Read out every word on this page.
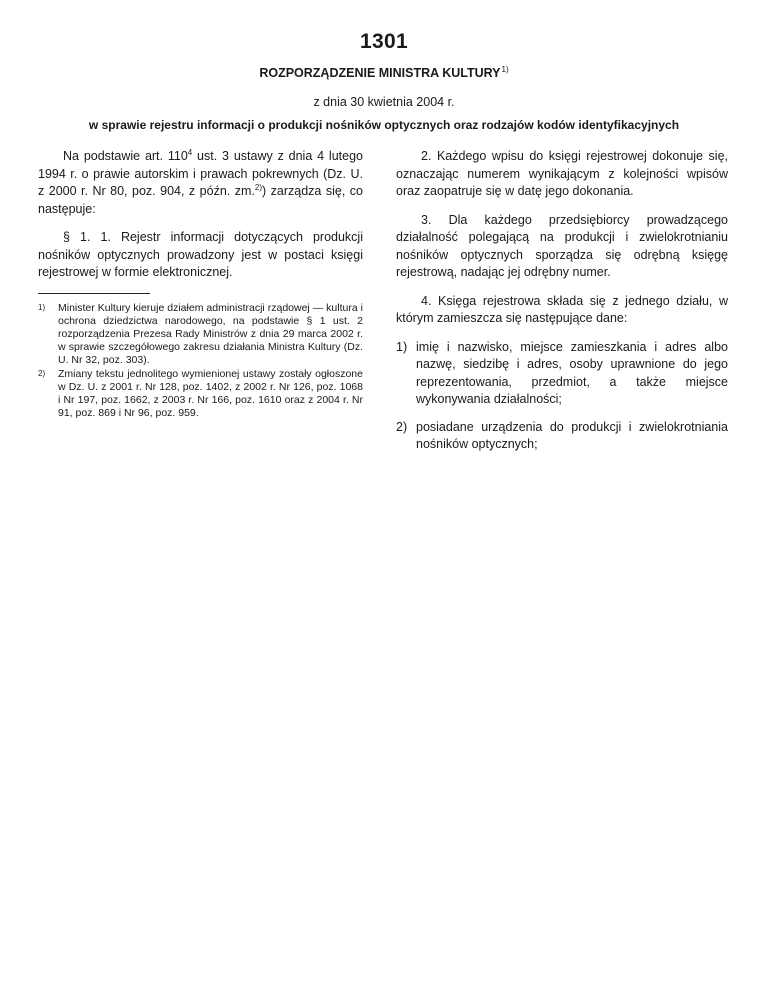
1301
ROZPORZĄDZENIE MINISTRA KULTURY$^{1)}$
z dnia 30 kwietnia 2004 r.
w sprawie rejestru informacji o produkcji nośników optycznych oraz rodzajów kodów identyfikacyjnych

Na podstawie art. $110^4$ ust. 3 ustawy z dnia 4 lutego 1994 r. o prawie autorskim i prawach pokrewnych (Dz. U. z 2000 r. Nr 80, poz. 904, z późn. zm.$^{2)}$) zarządza się, co następuje:

§ 1. 1. Rejestr informacji dotyczących produkcji nośników optycznych prowadzony jest w postaci księgi rejestrowej w formie elektronicznej.

1) Minister Kultury kieruje działem administracji rządowej — kultura i ochrona dziedzictwa narodowego, na podstawie § 1 ust. 2 rozporządzenia Prezesa Rady Ministrów z dnia 29 marca 2002 r. w sprawie szczegółowego zakresu działania Ministra Kultury (Dz. U. Nr 32, poz. 303).

2) Zmiany tekstu jednolitego wymienionej ustawy zostały ogłoszone w Dz. U. z 2001 r. Nr 128, poz. 1402, z 2002 r. Nr 126, poz. 1068 i Nr 197, poz. 1662, z 2003 r. Nr 166, poz. 1610 oraz z 2004 r. Nr 91, poz. 869 i Nr 96, poz. 959.

2. Każdego wpisu do księgi rejestrowej dokonuje się, oznaczając numerem wynikającym z kolejności wpisów oraz zaopatruje się w datę jego dokonania.

3. Dla każdego przedsiębiorcy prowadzącego działalność polegającą na produkcji i zwielokrotnianiu nośników optycznych sporządza się odrębną księgę rejestrową, nadając jej odrębny numer.

4. Księga rejestrowa składa się z jednego działu, w którym zamieszcza się następujące dane:

1) imię i nazwisko, miejsce zamieszkania i adres albo nazwę, siedzibę i adres, osoby uprawnione do jego reprezentowania, przedmiot, a także miejsce wykonywania działalności;

2) posiadane urządzenia do produkcji i zwielokrotniania nośników optycznych;
